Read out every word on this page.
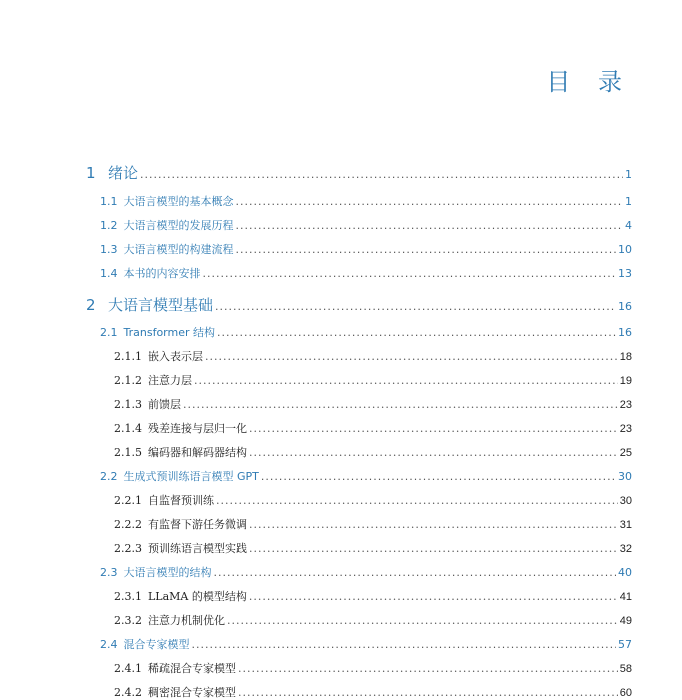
目 录
1 绪论 .....	1
1.1 大语言模型的基本概念 .....	1
1.2 大语言模型的发展历程 .....	4
1.3 大语言模型的构建流程 .....	10
1.4 本书的内容安排 .....	13
2 大语言模型基础 .....	16
2.1 Transformer 结构 .....	16
2.1.1 嵌入表示层 .....	18
2.1.2 注意力层 .....	19
2.1.3 前馈层 .....	23
2.1.4 残差连接与层归一化 .....	23
2.1.5 编码器和解码器结构 .....	25
2.2 生成式预训练语言模型 GPT .....	30
2.2.1 自监督预训练 .....	30
2.2.2 有监督下游任务微调 .....	31
2.2.3 预训练语言模型实践 .....	32
2.3 大语言模型的结构 .....	40
2.3.1 LLaMA 的模型结构 .....	41
2.3.2 注意力机制优化 .....	49
2.4 混合专家模型 .....	57
2.4.1 稀疏混合专家模型 .....	58
2.4.2 稠密混合专家模型 .....	60
